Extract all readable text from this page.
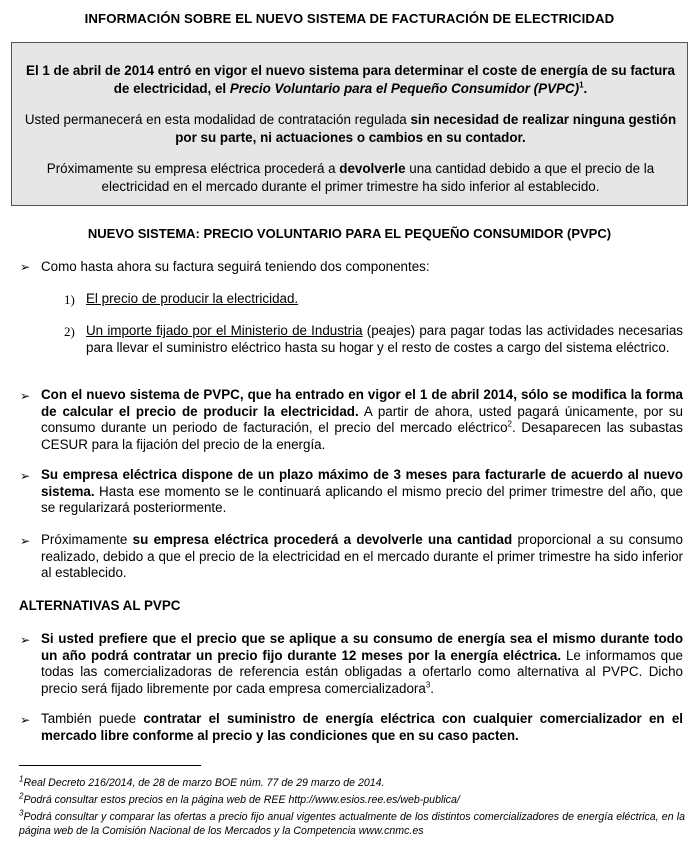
INFORMACIÓN SOBRE EL NUEVO SISTEMA DE FACTURACIÓN DE ELECTRICIDAD

El 1 de abril de 2014 entró en vigor el nuevo sistema para determinar el coste de energía de su factura de electricidad, el Precio Voluntario para el Pequeño Consumidor (PVPC)$^1$.

Usted permanecerá en esta modalidad de contratación regulada sin necesidad de realizar ninguna gestión por su parte, ni actuaciones o cambios en su contador.

Próximamente su empresa eléctrica procederá a devolverle una cantidad debido a que el precio de la electricidad en el mercado durante el primer trimestre ha sido inferior al establecido.

NUEVO SISTEMA: PRECIO VOLUNTARIO PARA EL PEQUEÑO CONSUMIDOR (PVPC)
➢ Como hasta ahora su factura seguirá teniendo dos componentes:

1) El precio de producir la electricidad.

2) Un importe fijado por el Ministerio de Industria (peajes) para pagar todas las actividades necesarias para llevar el suministro eléctrico hasta su hogar y el resto de costes a cargo del sistema eléctrico.

➢ Con el nuevo sistema de PVPC, que ha entrado en vigor el 1 de abril 2014, sólo se modifica la forma de calcular el precio de producir la electricidad. A partir de ahora, usted pagará únicamente, por su consumo durante un periodo de facturación, el precio del mercado eléctrico$^2$. Desaparecen las subastas CESUR para la fijación del precio de la energía.

➢ Su empresa eléctrica dispone de un plazo máximo de 3 meses para facturarle de acuerdo al nuevo sistema. Hasta ese momento se le continuará aplicando el mismo precio del primer trimestre del año, que se regularizará posteriormente.

➢ Próximamente su empresa eléctrica procederá a devolverle una cantidad proporcional a su consumo realizado, debido a que el precio de la electricidad en el mercado durante el primer trimestre ha sido inferior al establecido.

ALTERNATIVAS AL PVPC
➢ Si usted prefiere que el precio que se aplique a su consumo de energía sea el mismo durante todo un año podrá contratar un precio fijo durante 12 meses por la energía eléctrica. Le informamos que todas las comercializadoras de referencia están obligadas a ofertarlo como alternativa al PVPC. Dicho precio será fijado libremente por cada empresa comercializadora$^3$.

➢ También puede contratar el suministro de energía eléctrica con cualquier comercializador en el mercado libre conforme al precio y las condiciones que en su caso pacten.

$^1$Real Decreto 216/2014, de 28 de marzo BOE núm. 77 de 29 marzo de 2014.

$^2$Podrá consultar estos precios en la página web de REE http://www.esios.ree.es/web-publica/

$^3$Podrá consultar y comparar las ofertas a precio fijo anual vigentes actualmente de los distintos comercializadores de energía eléctrica, en la página web de la Comisión Nacional de los Mercados y la Competencia www.cnmc.es
